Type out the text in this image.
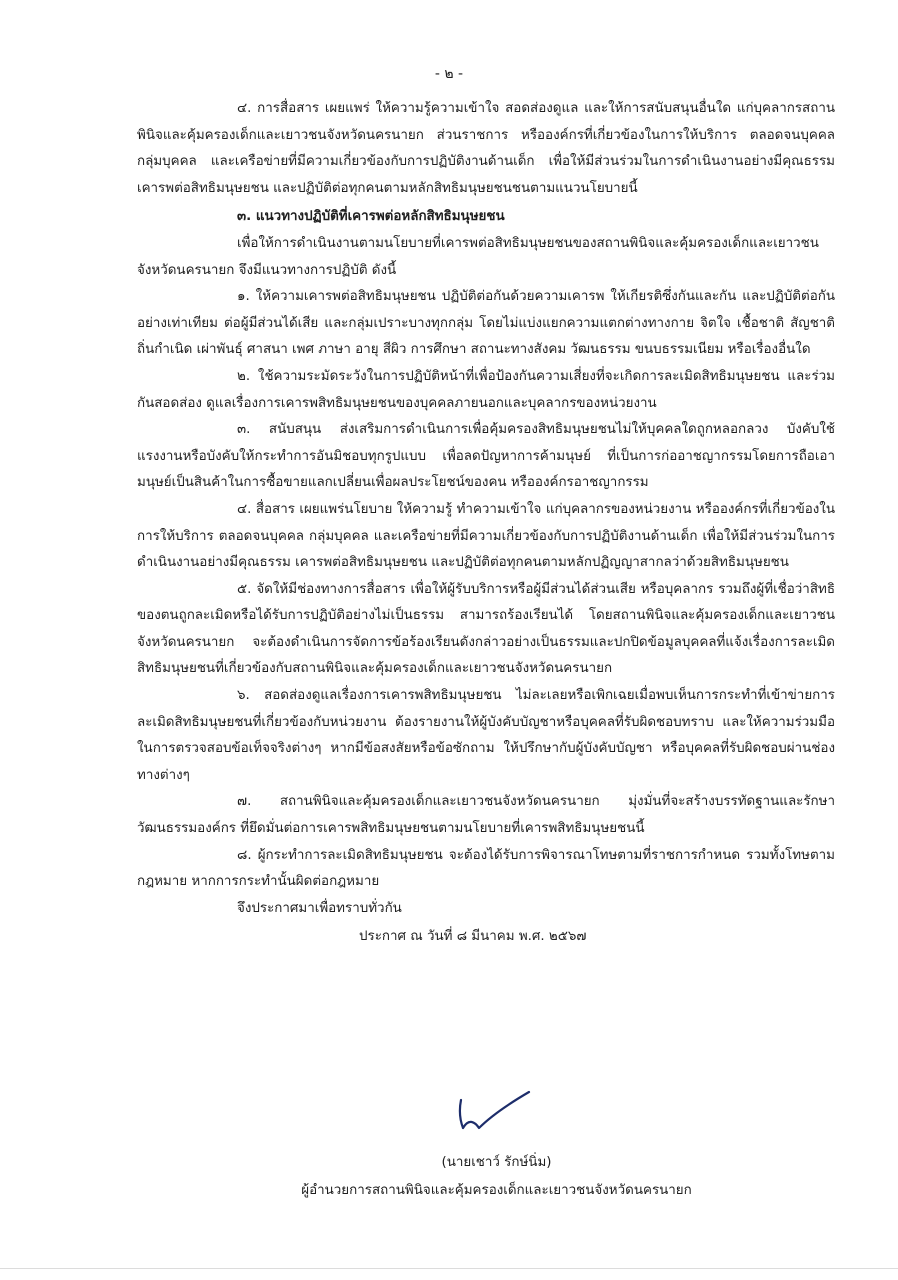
- ๒ -

๔. การสื่อสาร เผยแพร่ ให้ความรู้ความเข้าใจ สอดส่องดูแล และให้การสนับสนุนอื่นใด แก่บุคลากรสถานพินิจและคุ้มครองเด็กและเยาวชนจังหวัดนครนายก ส่วนราชการ หรือองค์กรที่เกี่ยวข้องในการให้บริการ ตลอดจนบุคคล กลุ่มบุคคล และเครือข่ายที่มีความเกี่ยวข้องกับการปฏิบัติงานด้านเด็ก เพื่อให้มีส่วนร่วมในการดำเนินงานอย่างมีคุณธรรม เคารพต่อสิทธิมนุษยชน และปฏิบัติต่อทุกคนตามหลักสิทธิมนุษยชนชนตามแนวนโยบายนี้

๓. แนวทางปฏิบัติที่เคารพต่อหลักสิทธิมนุษยชน

เพื่อให้การดำเนินงานตามนโยบายที่เคารพต่อสิทธิมนุษยชนของสถานพินิจและคุ้มครองเด็กและเยาวชนจังหวัดนครนายก จึงมีแนวทางการปฏิบัติ ดังนี้

๑. ให้ความเคารพต่อสิทธิมนุษยชน ปฏิบัติต่อกันด้วยความเคารพ ให้เกียรติซึ่งกันและกัน และปฏิบัติต่อกันอย่างเท่าเทียม ต่อผู้มีส่วนได้เสีย และกลุ่มเปราะบางทุกกลุ่ม โดยไม่แบ่งแยกความแตกต่างทางกาย จิตใจ เชื้อชาติ สัญชาติ ถิ่นกำเนิด เผ่าพันธุ์ ศาสนา เพศ ภาษา อายุ สีผิว การศึกษา สถานะทางสังคม วัฒนธรรม ขนบธรรมเนียม หรือเรื่องอื่นใด

๒. ใช้ความระมัดระวังในการปฏิบัติหน้าที่เพื่อป้องกันความเสี่ยงที่จะเกิดการละเมิดสิทธิมนุษยชน และร่วมกันสอดส่อง ดูแลเรื่องการเคารพสิทธิมนุษยชนของบุคคลภายนอกและบุคลากรของหน่วยงาน

๓. สนับสนุน ส่งเสริมการดำเนินการเพื่อคุ้มครองสิทธิมนุษยชนไม่ให้บุคคลใดถูกหลอกลวง บังคับใช้แรงงานหรือบังคับให้กระทำการอันมิชอบทุกรูปแบบ เพื่อลดปัญหาการค้ามนุษย์ ที่เป็นการก่ออาชญากรรมโดยการถือเอามนุษย์เป็นสินค้าในการซื้อขายแลกเปลี่ยนเพื่อผลประโยชน์ของคน หรือองค์กรอาชญากรรม

๔. สื่อสาร เผยแพร่นโยบาย ให้ความรู้ ทำความเข้าใจ แก่บุคลากรของหน่วยงาน หรือองค์กรที่เกี่ยวข้องในการให้บริการ ตลอดจนบุคคล กลุ่มบุคคล และเครือข่ายที่มีความเกี่ยวข้องกับการปฏิบัติงานด้านเด็ก เพื่อให้มีส่วนร่วมในการดำเนินงานอย่างมีคุณธรรม เคารพต่อสิทธิมนุษยชน และปฏิบัติต่อทุกคนตามหลักปฏิญญาสากลว่าด้วยสิทธิมนุษยชน

๕. จัดให้มีช่องทางการสื่อสาร เพื่อให้ผู้รับบริการหรือผู้มีส่วนได้ส่วนเสีย หรือบุคลากร รวมถึงผู้ที่เชื่อว่าสิทธิของตนถูกละเมิดหรือได้รับการปฏิบัติอย่างไม่เป็นธรรม สามารถร้องเรียนได้ โดยสถานพินิจและคุ้มครองเด็กและเยาวชนจังหวัดนครนายก จะต้องดำเนินการจัดการข้อร้องเรียนดังกล่าวอย่างเป็นธรรมและปกปิดข้อมูลบุคคลที่แจ้งเรื่องการละเมิดสิทธิมนุษยชนที่เกี่ยวข้องกับสถานพินิจและคุ้มครองเด็กและเยาวชนจังหวัดนครนายก

๖. สอดส่องดูแลเรื่องการเคารพสิทธิมนุษยชน ไม่ละเลยหรือเพิกเฉยเมื่อพบเห็นการกระทำที่เข้าข่ายการละเมิดสิทธิมนุษยชนที่เกี่ยวข้องกับหน่วยงาน ต้องรายงานให้ผู้บังคับบัญชาหรือบุคคลที่รับผิดชอบทราบ และให้ความร่วมมือในการตรวจสอบข้อเท็จจริงต่างๆ หากมีข้อสงสัยหรือข้อซักถาม ให้ปรึกษากับผู้บังคับบัญชา หรือบุคคลที่รับผิดชอบผ่านช่องทางต่างๆ

๗. สถานพินิจและคุ้มครองเด็กและเยาวชนจังหวัดนครนายก มุ่งมั่นที่จะสร้างบรรทัดฐานและรักษาวัฒนธรรมองค์กร ที่ยึดมั่นต่อการเคารพสิทธิมนุษยชนตามนโยบายที่เคารพสิทธิมนุษยชนนี้

๘. ผู้กระทำการละเมิดสิทธิมนุษยชน จะต้องได้รับการพิจารณาโทษตามที่ราชการกำหนด รวมทั้งโทษตามกฎหมาย หากการกระทำนั้นผิดต่อกฎหมาย

จึงประกาศมาเพื่อทราบทั่วกัน

ประกาศ ณ วันที่ ๘ มีนาคม พ.ศ. ๒๕๖๗

(นายเชาว์ รักษ์นิ่ม)
ผู้อำนวยการสถานพินิจและคุ้มครองเด็กและเยาวชนจังหวัดนครนายก
